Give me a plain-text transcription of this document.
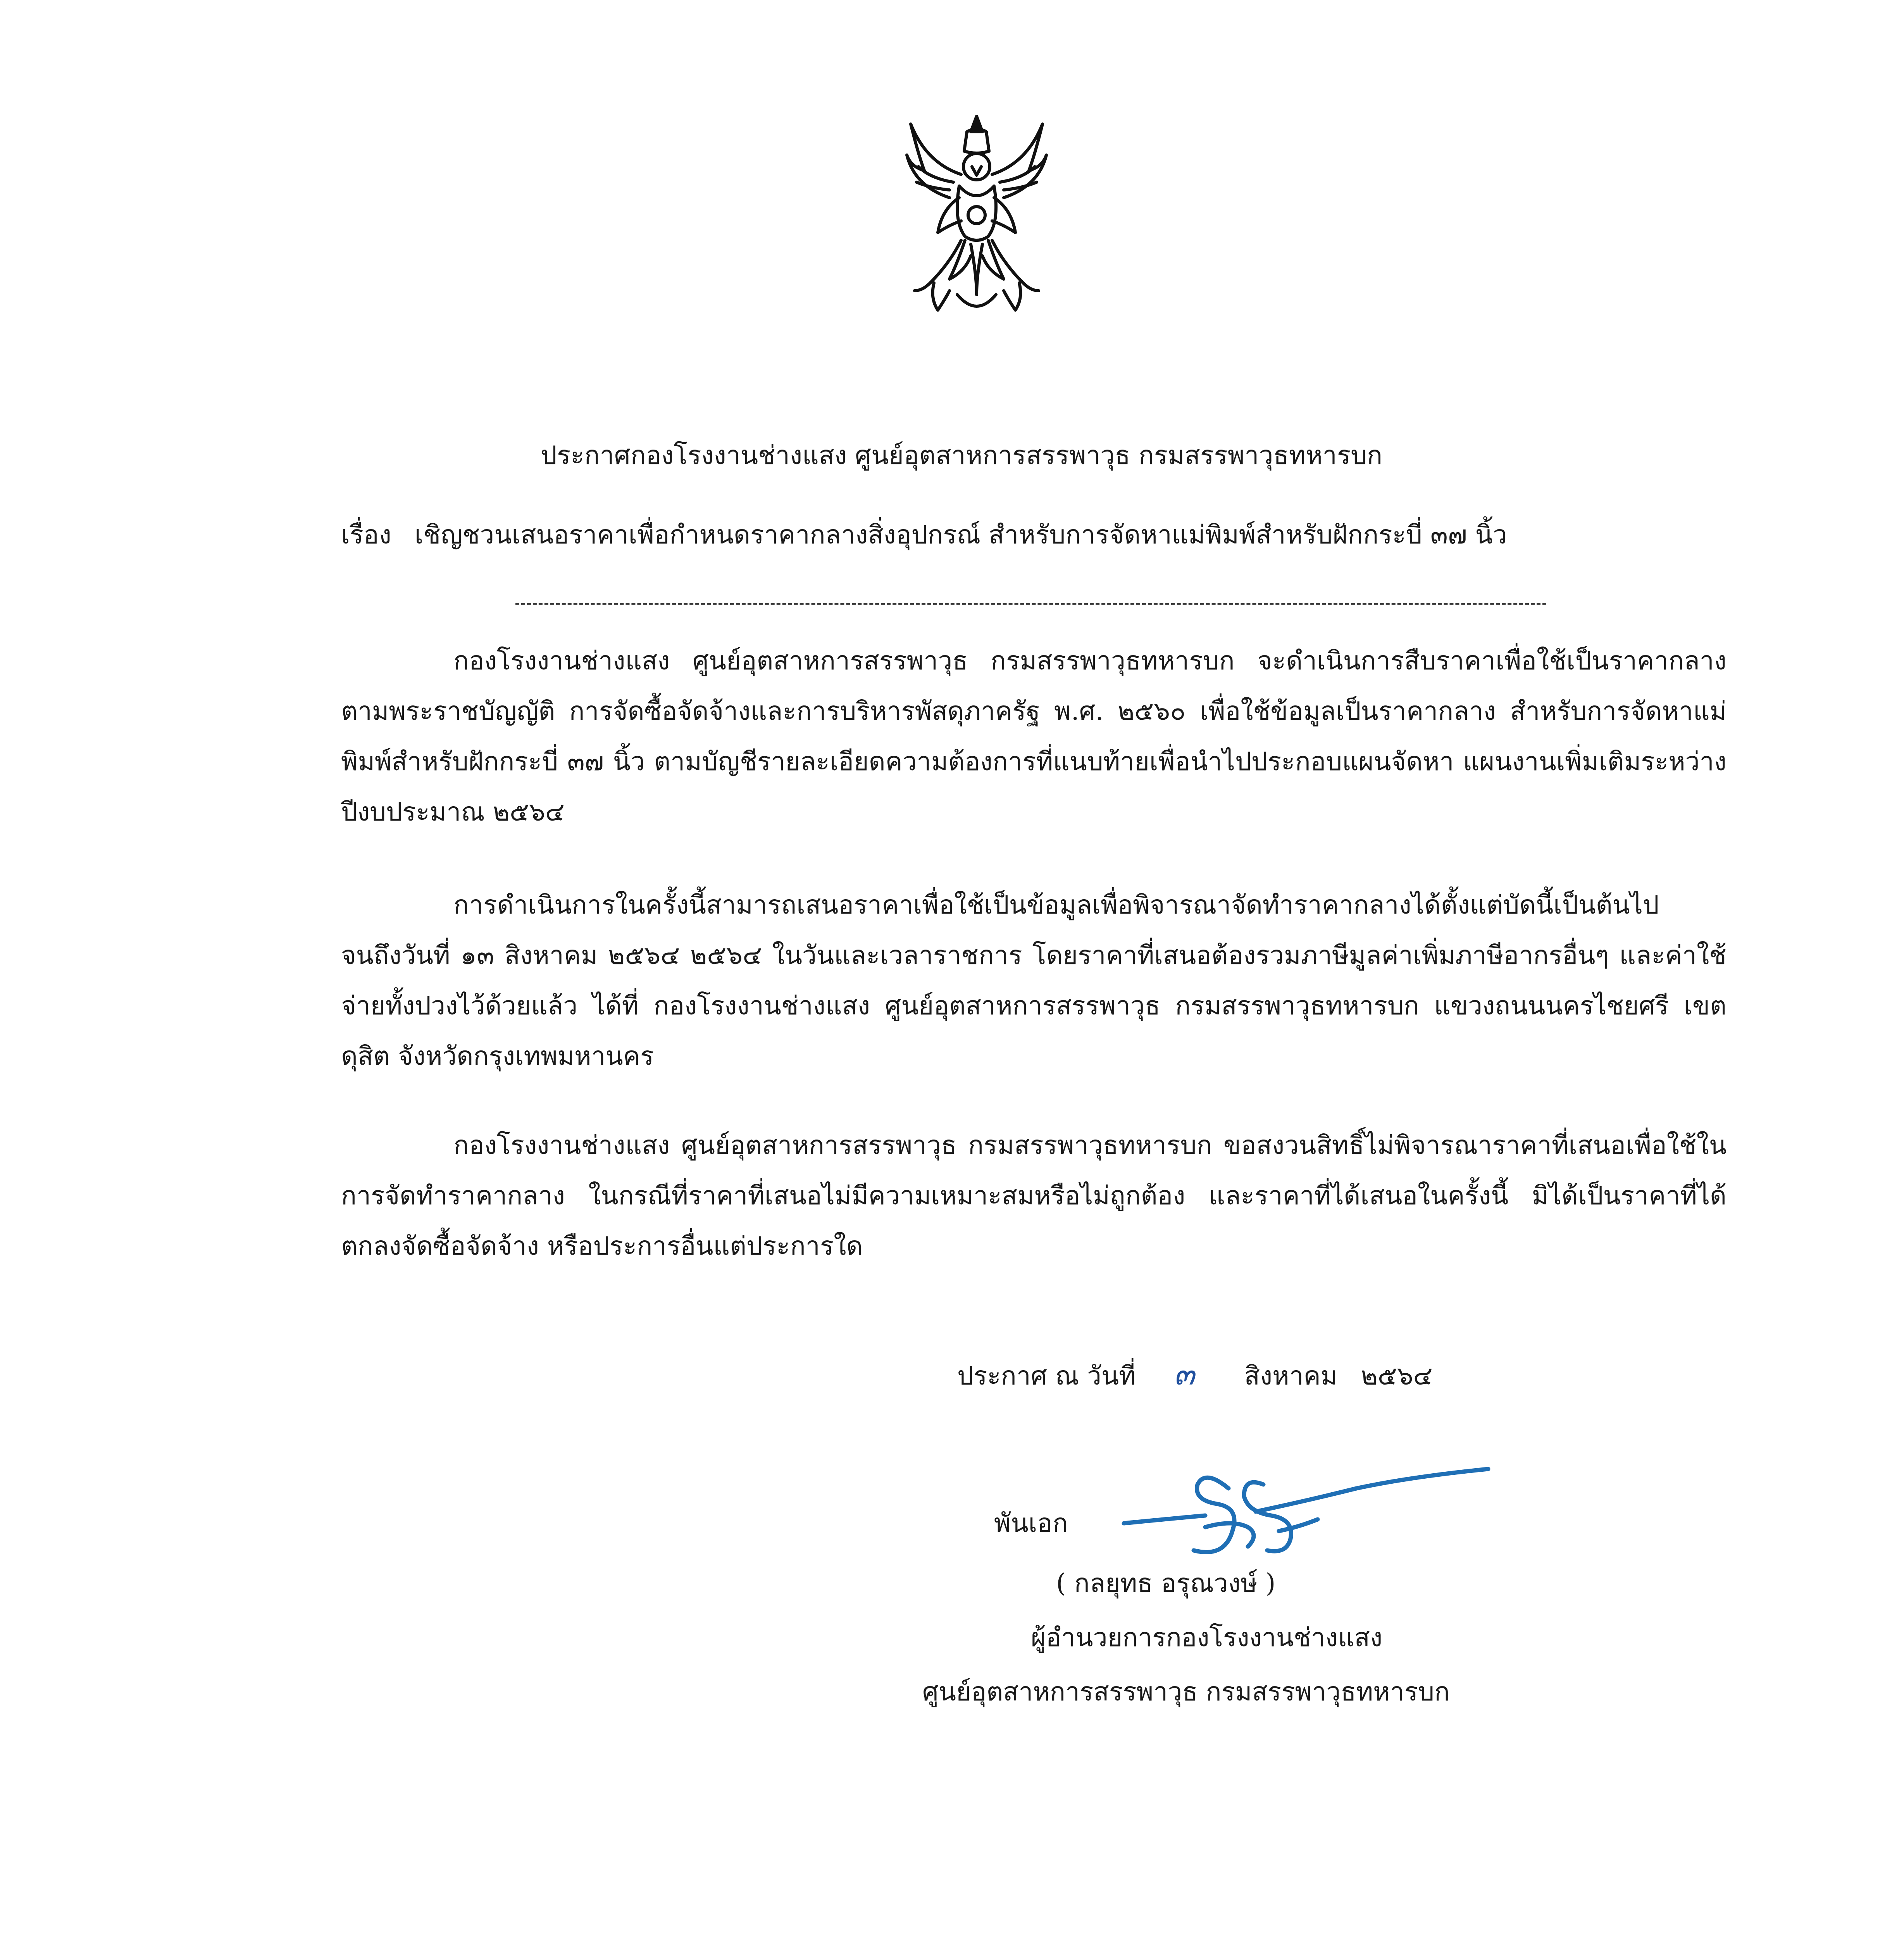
ประกาศกองโรงงานช่างแสง ศูนย์อุตสาหการสรรพาวุธ กรมสรรพาวุธทหารบก
เรื่อง เชิญชวนเสนอราคาเพื่อกำหนดราคากลางสิ่งอุปกรณ์ สำหรับการจัดหาแม่พิมพ์สำหรับฝักกระบี่ ๓๗ นิ้ว

กองโรงงานช่างแสง ศูนย์อุตสาหการสรรพาวุธ กรมสรรพาวุธทหารบก จะดำเนินการสืบราคาเพื่อใช้เป็นราคากลางตามพระราชบัญญัติ การจัดซื้อจัดจ้างและการบริหารพัสดุภาครัฐ พ.ศ. ๒๕๖๐ เพื่อใช้ข้อมูลเป็นราคากลาง สำหรับการจัดหาแม่พิมพ์สำหรับฝักกระบี่ ๓๗ นิ้ว ตามบัญชีรายละเอียดความต้องการที่แนบท้ายเพื่อนำไปประกอบแผนจัดหา แผนงานเพิ่มเติมระหว่างปีงบประมาณ ๒๕๖๔

การดำเนินการในครั้งนี้สามารถเสนอราคาเพื่อใช้เป็นข้อมูลเพื่อพิจารณาจัดทำราคากลางได้ตั้งแต่บัดนี้เป็นต้นไป จนถึงวันที่ ๑๓ สิงหาคม ๒๕๖๔ ๒๕๖๔ ในวันและเวลาราชการ โดยราคาที่เสนอต้องรวมภาษีมูลค่าเพิ่มภาษีอากรอื่นๆ และค่าใช้จ่ายทั้งปวงไว้ด้วยแล้ว ได้ที่ กองโรงงานช่างแสง ศูนย์อุตสาหการสรรพาวุธ กรมสรรพาวุธทหารบก แขวงถนนนครไชยศรี เขตดุสิต จังหวัดกรุงเทพมหานคร

กองโรงงานช่างแสง ศูนย์อุตสาหการสรรพาวุธ กรมสรรพาวุธทหารบก ขอสงวนสิทธิ์ไม่พิจารณาราคาที่เสนอเพื่อใช้ในการจัดทำราคากลาง ในกรณีที่ราคาที่เสนอไม่มีความเหมาะสมหรือไม่ถูกต้อง และราคาที่ได้เสนอในครั้งนี้ มิได้เป็นราคาที่ได้ตกลงจัดซื้อจัดจ้าง หรือประการอื่นแต่ประการใด

ประกาศ ณ วันที่ ๓ สิงหาคม ๒๕๖๔
พันเอก
( กลยุทธ อรุณวงษ์ )
ผู้อำนวยการกองโรงงานช่างแสง
ศูนย์อุตสาหการสรรพาวุธ กรมสรรพาวุธทหารบก
